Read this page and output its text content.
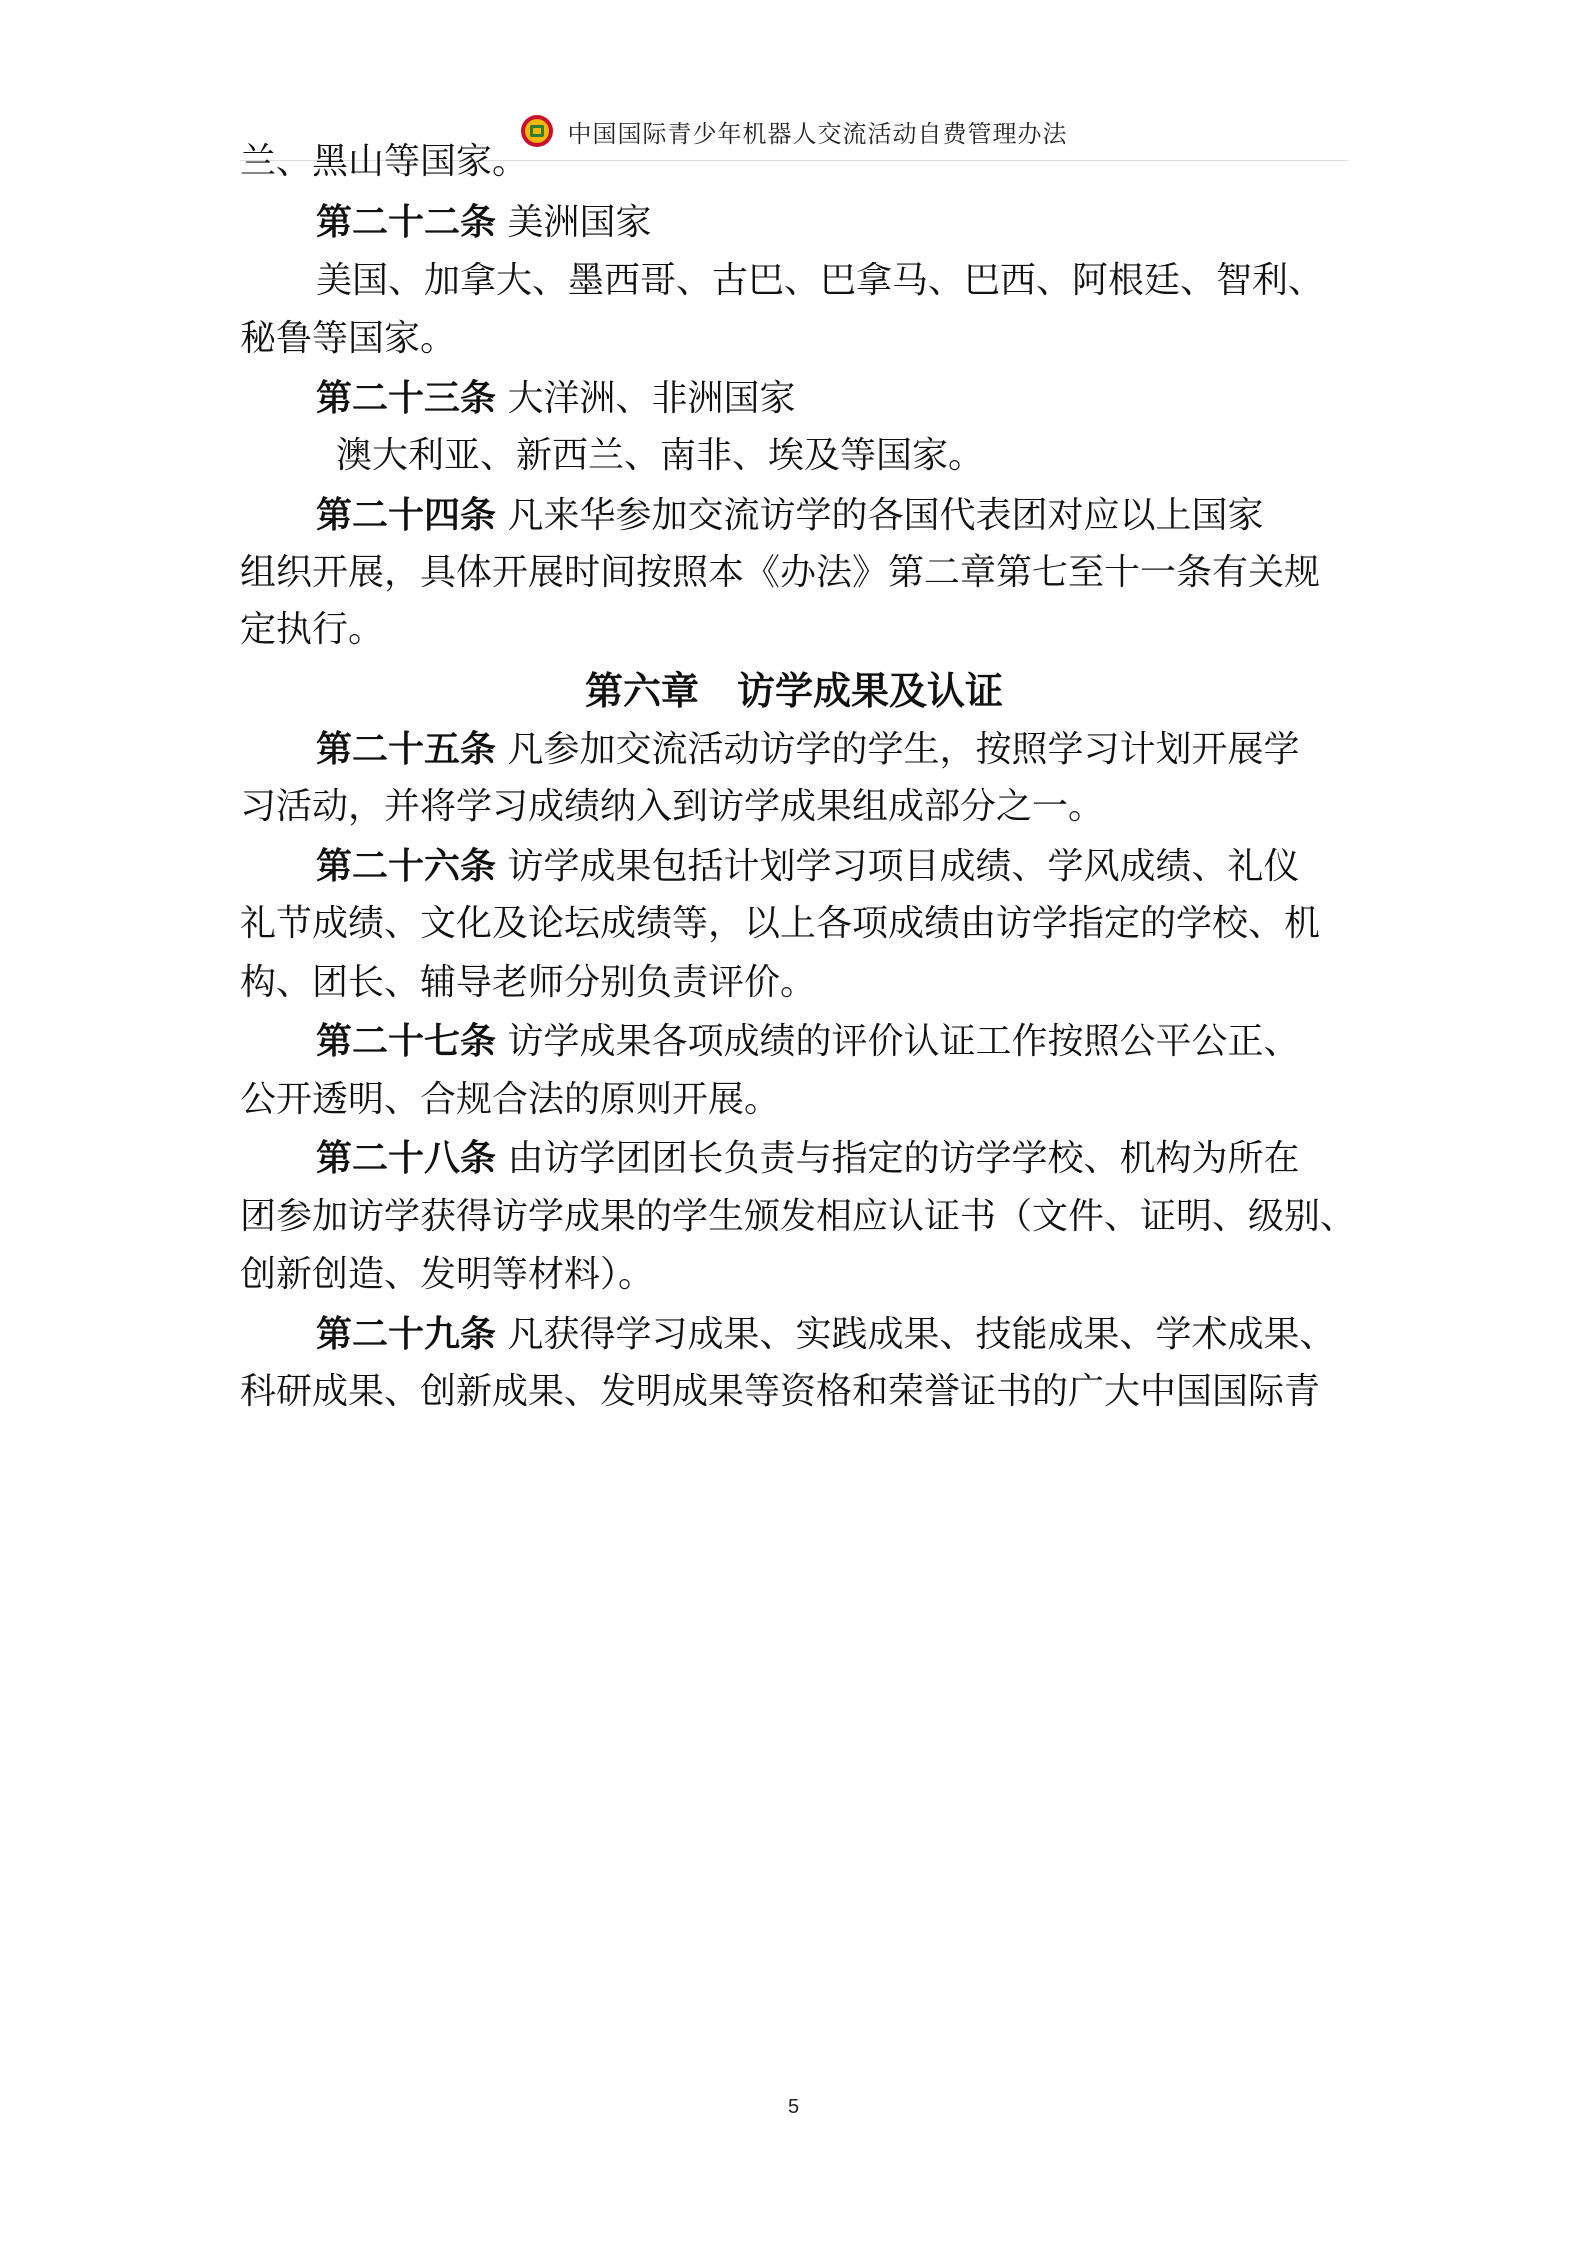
中国国际青少年机器人交流活动自费管理办法
兰、黑山等国家。
第二十二条 美洲国家
美国、加拿大、墨西哥、古巴、巴拿马、巴西、阿根廷、智利、
秘鲁等国家。
第二十三条 大洋洲、非洲国家
澳大利亚、新西兰、南非、埃及等国家。
第二十四条 凡来华参加交流访学的各国代表团对应以上国家
组织开展，具体开展时间按照本《办法》第二章第七至十一条有关规
定执行。
第六章　访学成果及认证
第二十五条 凡参加交流活动访学的学生，按照学习计划开展学
习活动，并将学习成绩纳入到访学成果组成部分之一。
第二十六条 访学成果包括计划学习项目成绩、学风成绩、礼仪
礼节成绩、文化及论坛成绩等，以上各项成绩由访学指定的学校、机
构、团长、辅导老师分别负责评价。
第二十七条 访学成果各项成绩的评价认证工作按照公平公正、
公开透明、合规合法的原则开展。
第二十八条 由访学团团长负责与指定的访学学校、机构为所在
团参加访学获得访学成果的学生颁发相应认证书（文件、证明、级别、
创新创造、发明等材料）。
第二十九条 凡获得学习成果、实践成果、技能成果、学术成果、
科研成果、创新成果、发明成果等资格和荣誉证书的广大中国国际青
5
